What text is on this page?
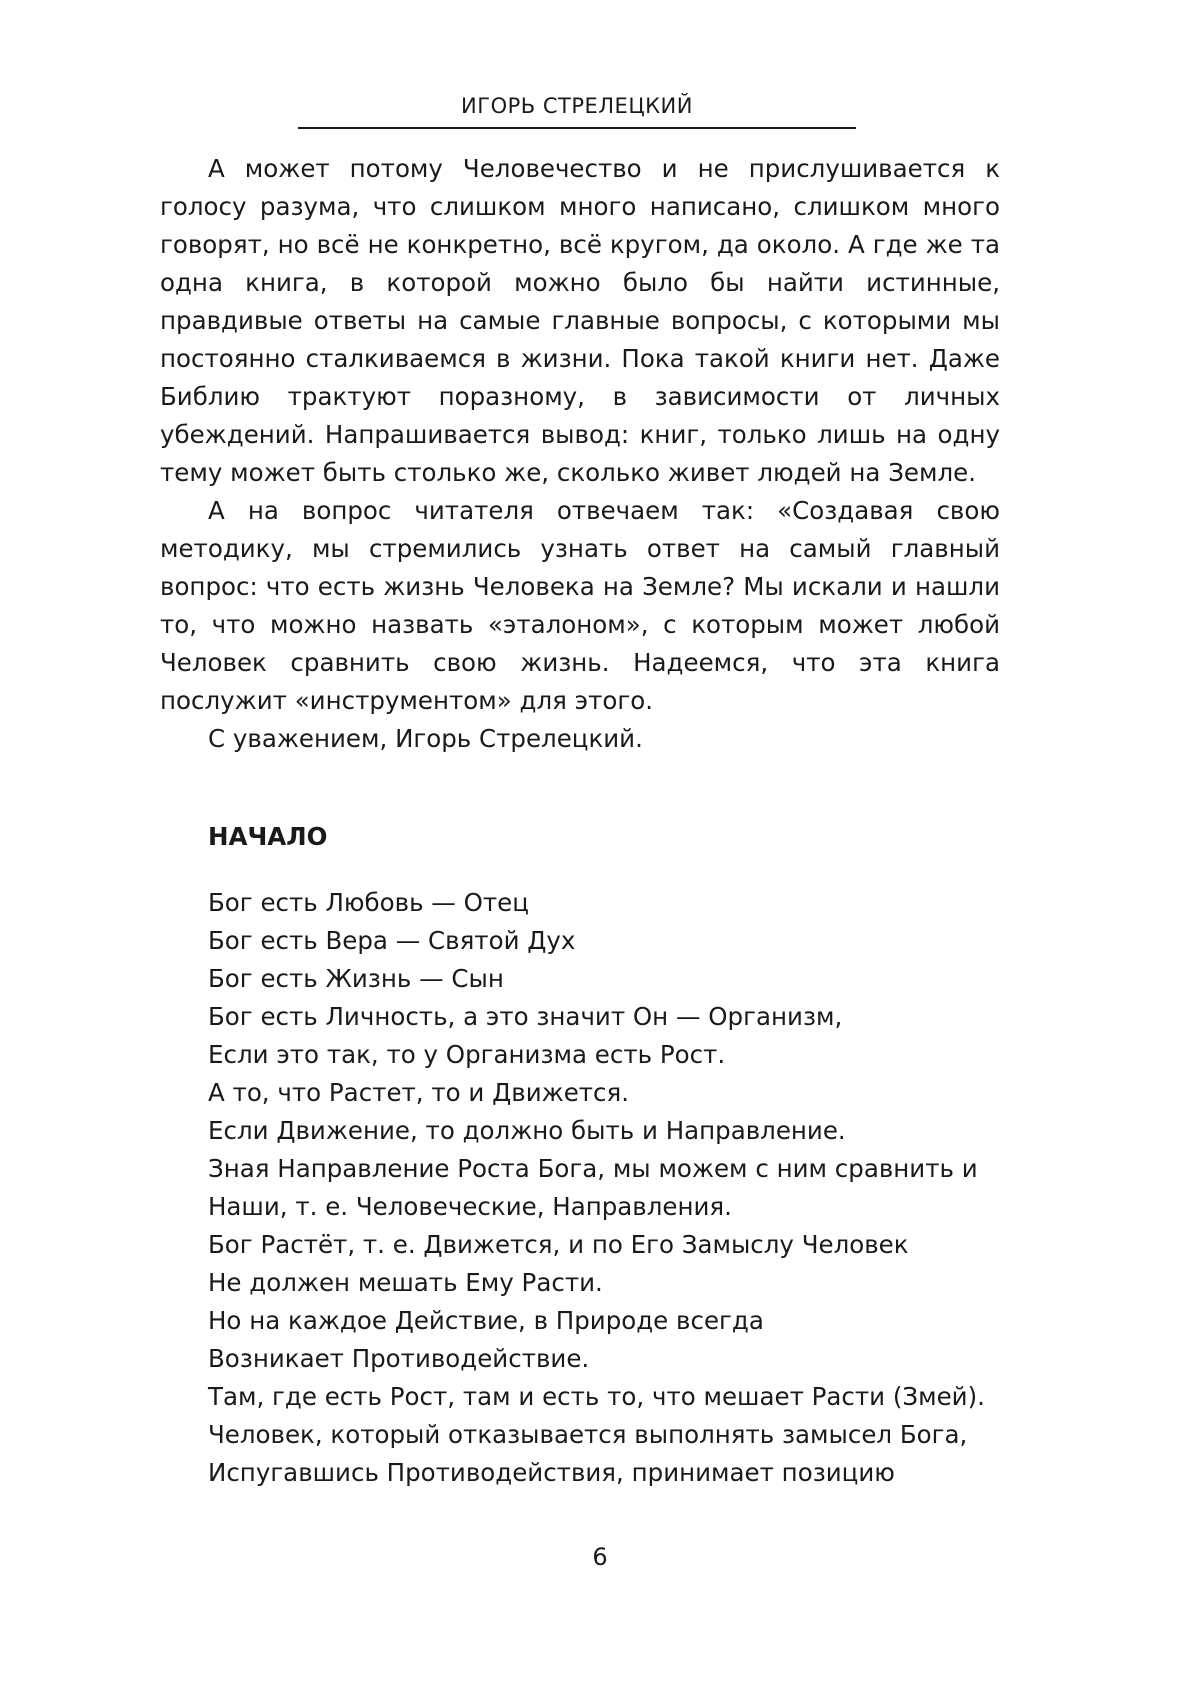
ИГОРЬ СТРЕЛЕЦКИЙ

А может потому Человечество и не прислушивается к голосу разума, что слишком много написано, слишком много говорят, но всё не конкретно, всё кругом, да около. А где же та одна книга, в которой можно было бы найти истинные, правдивые ответы на самые главные вопросы, с которыми мы постоянно сталкиваемся в жизни. Пока такой книги нет. Даже Библию трактуют поразному, в зависимости от личных убеждений. Напрашивается вывод: книг, только лишь на одну тему может быть столько же, сколько живет людей на Земле.

А на вопрос читателя отвечаем так: «Создавая свою методику, мы стремились узнать ответ на самый главный вопрос: что есть жизнь Человека на Земле? Мы искали и нашли то, что можно назвать «эталоном», с которым может любой Человек сравнить свою жизнь. Надеемся, что эта книга послужит «инструментом» для этого.

С уважением, Игорь Стрелецкий.

НАЧАЛО
Бог есть Любовь — Отец
Бог есть Вера — Святой Дух
Бог есть Жизнь — Сын
Бог есть Личность, а это значит Он — Организм,
Если это так, то у Организма есть Рост.
А то, что Растет, то и Движется.
Если Движение, то должно быть и Направление.
Зная Направление Роста Бога, мы можем с ним сравнить и
Наши, т. е. Человеческие, Направления.
Бог Растёт, т. е. Движется, и по Его Замыслу Человек
Не должен мешать Ему Расти.
Но на каждое Действие, в Природе всегда
Возникает Противодействие.
Там, где есть Рост, там и есть то, что мешает Расти (Змей).
Человек, который отказывается выполнять замысел Бога,
Испугавшись Противодействия, принимает позицию
6
